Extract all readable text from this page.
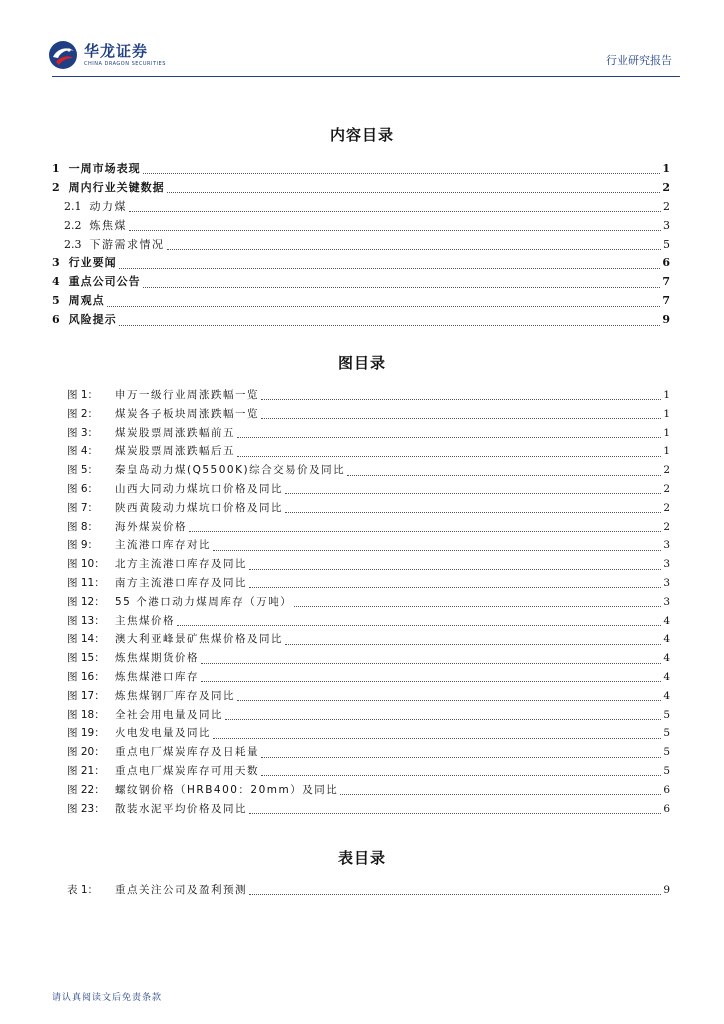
华龙证券
CHINA DRAGON SECURITIES	行业研究报告
内容目录
1 一周市场表现	1
2 周内行业关键数据	2
2.1 动力煤	2
2.2 炼焦煤	3
2.3 下游需求情况	5
3 行业要闻	6
4 重点公司公告	7
5 周观点	7
6 风险提示	9
图目录
图 1：	申万一级行业周涨跌幅一览	1
图 2：	煤炭各子板块周涨跌幅一览	1
图 3：	煤炭股票周涨跌幅前五	1
图 4：	煤炭股票周涨跌幅后五	1
图 5：	秦皇岛动力煤(Q5500K)综合交易价及同比	2
图 6：	山西大同动力煤坑口价格及同比	2
图 7：	陕西黄陵动力煤坑口价格及同比	2
图 8：	海外煤炭价格	2
图 9：	主流港口库存对比	3
图 10： 北方主流港口库存及同比	3
图 11： 南方主流港口库存及同比	3
图 12： 55 个港口动力煤周库存（万吨）	3
图 13： 主焦煤价格	4
图 14： 澳大利亚峰景矿焦煤价格及同比	4
图 15： 炼焦煤期货价格	4
图 16： 炼焦煤港口库存	4
图 17： 炼焦煤钢厂库存及同比	4
图 18： 全社会用电量及同比	5
图 19： 火电发电量及同比	5
图 20： 重点电厂煤炭库存及日耗量	5
图 21： 重点电厂煤炭库存可用天数	5
图 22： 螺纹钢价格（HRB400：20mm）及同比	6
图 23： 散装水泥平均价格及同比	6
表目录
表 1：	重点关注公司及盈利预测	9
请认真阅读文后免责条款
